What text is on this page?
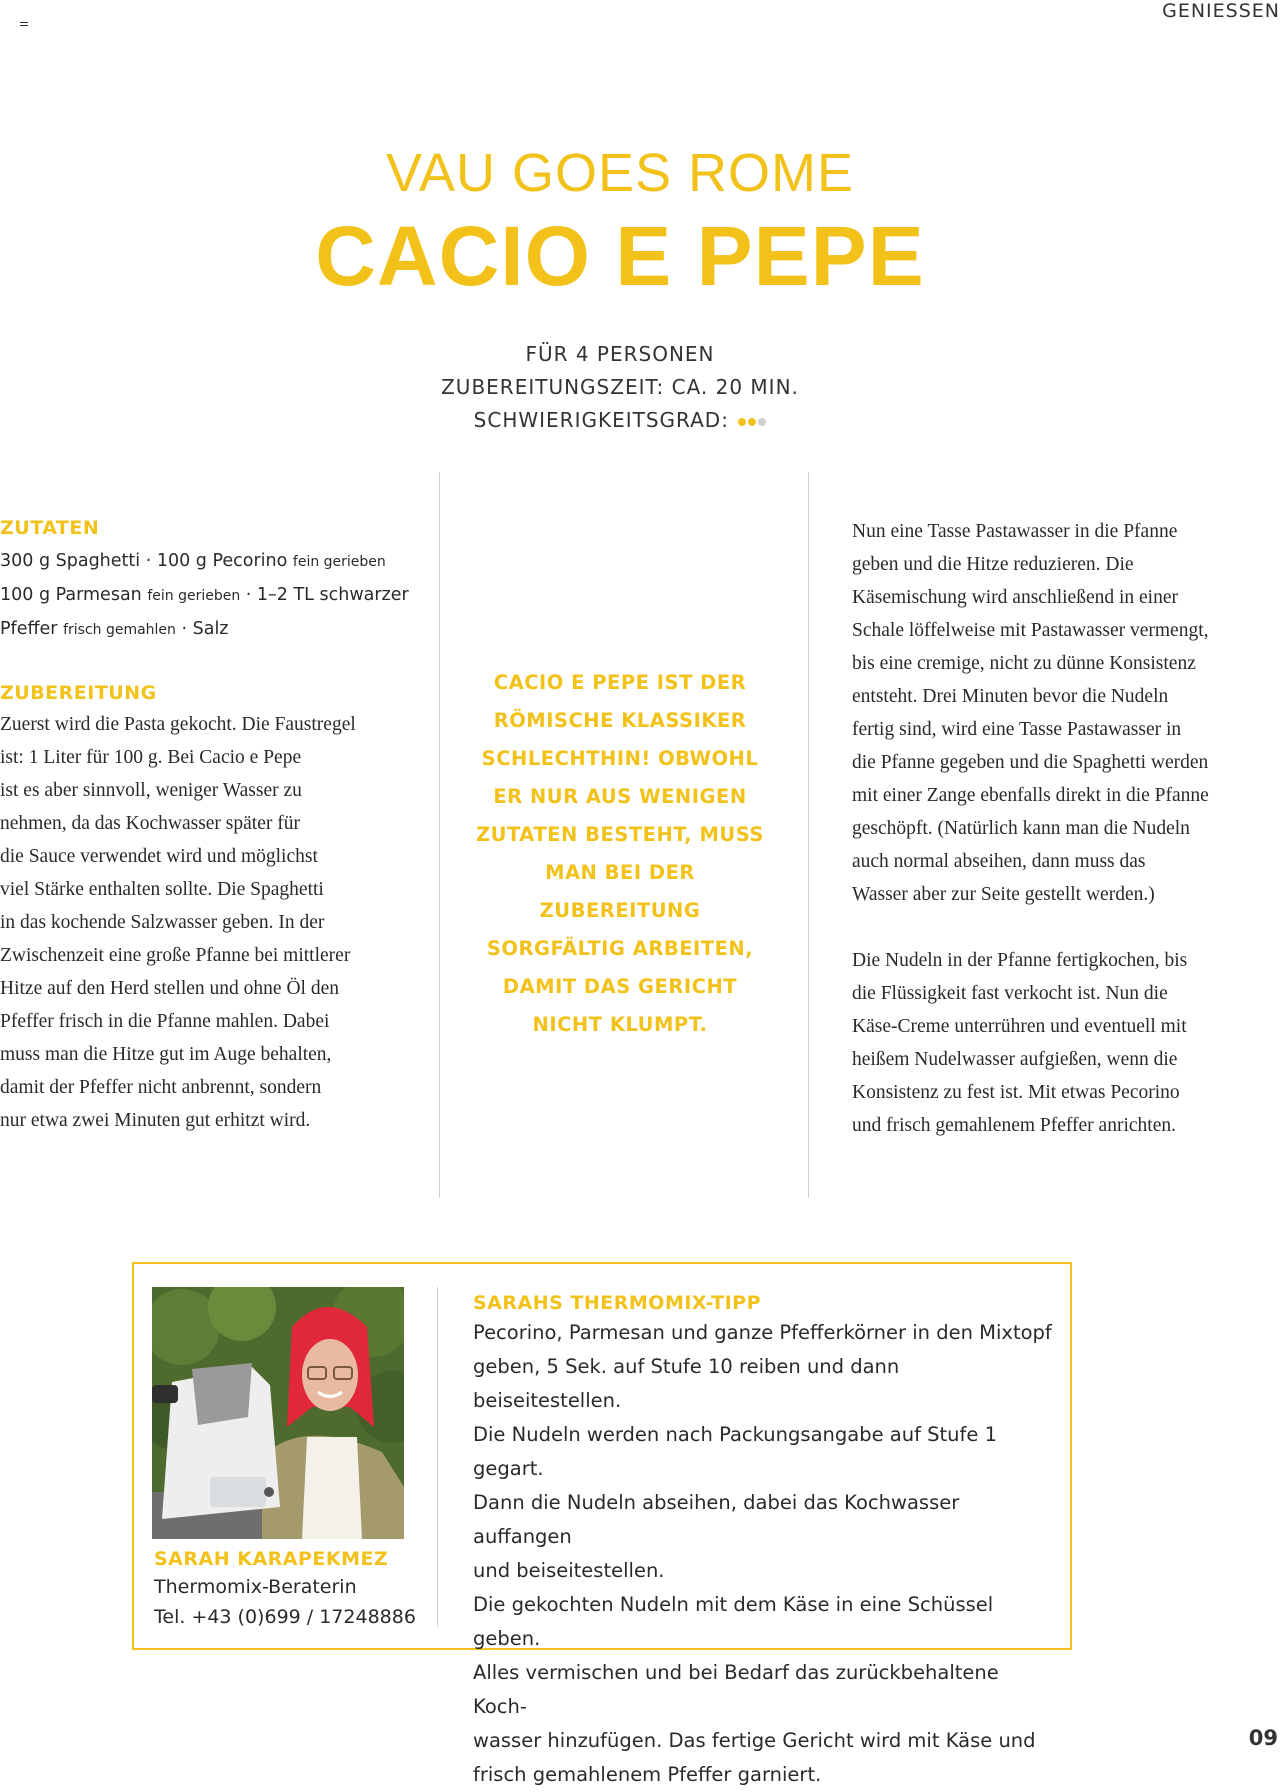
GENIESSEN
VAU GOES ROME
CACIO E PEPE
FÜR 4 PERSONEN
ZUBEREITUNGSZEIT: CA. 20 MIN.
SCHWIERIGKEITSGRAD:
ZUTATEN

300 g Spaghetti · 100 g Pecorino fein gerieben

100 g Parmesan fein gerieben · 1–2 TL schwarzer

Pfeffer frisch gemahlen · Salz

ZUBEREITUNG

Zuerst wird die Pasta gekocht. Die Faustregel

ist: 1 Liter für 100 g. Bei Cacio e Pepe

ist es aber sinnvoll, weniger Wasser zu

nehmen, da das Kochwasser später für

die Sauce verwendet wird und möglichst

viel Stärke enthalten sollte. Die Spaghetti

in das kochende Salzwasser geben. In der

Zwischenzeit eine große Pfanne bei mittlerer

Hitze auf den Herd stellen und ohne Öl den

Pfeffer frisch in die Pfanne mahlen. Dabei

muss man die Hitze gut im Auge behalten,

damit der Pfeffer nicht anbrennt, sondern

nur etwa zwei Minuten gut erhitzt wird.

CACIO E PEPE IST DER
RÖMISCHE KLASSIKER
SCHLECHTHIN! OBWOHL
ER NUR AUS WENIGEN
ZUTATEN BESTEHT, MUSS
MAN BEI DER ZUBEREITUNG
SORGFÄLTIG ARBEITEN,
DAMIT DAS GERICHT
NICHT KLUMPT.

Nun eine Tasse Pastawasser in die Pfanne

geben und die Hitze reduzieren. Die

Käsemischung wird anschließend in einer

Schale löffelweise mit Pastawasser vermengt,

bis eine cremige, nicht zu dünne Konsistenz

entsteht. Drei Minuten bevor die Nudeln

fertig sind, wird eine Tasse Pastawasser in

die Pfanne gegeben und die Spaghetti werden

mit einer Zange ebenfalls direkt in die Pfanne

geschöpft. (Natürlich kann man die Nudeln

auch normal abseihen, dann muss das

Wasser aber zur Seite gestellt werden.)

Die Nudeln in der Pfanne fertigkochen, bis

die Flüssigkeit fast verkocht ist. Nun die

Käse-Creme unterrühren und eventuell mit

heißem Nudelwasser aufgießen, wenn die

Konsistenz zu fest ist. Mit etwas Pecorino

und frisch gemahlenem Pfeffer anrichten.

SARAH KARAPEKMEZ
Thermomix-Beraterin
Tel. +43 (0)699 / 17248886
SARAHS THERMOMIX-TIPP

Pecorino, Parmesan und ganze Pfefferkörner in den Mixtopf

geben, 5 Sek. auf Stufe 10 reiben und dann beiseitestellen.

Die Nudeln werden nach Packungsangabe auf Stufe 1 gegart.

Dann die Nudeln abseihen, dabei das Kochwasser auffangen

und beiseitestellen.

Die gekochten Nudeln mit dem Käse in eine Schüssel geben.

Alles vermischen und bei Bedarf das zurückbehaltene Koch-

wasser hinzufügen. Das fertige Gericht wird mit Käse und

frisch gemahlenem Pfeffer garniert.

09
